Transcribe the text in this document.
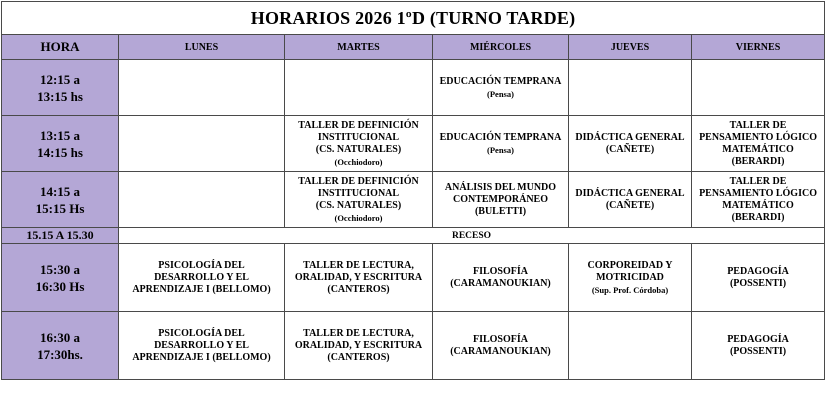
HORARIOS 2026 1ºD (TURNO TARDE)					
HORA	LUNES	MARTES	MIÉRCOLES	JUEVES	VIERNES

12:15 a
13:15 hs			EDUCACIÓN TEMPRANA
(Pensa)		

13:15 a
14:15 hs		TALLER DE DEFINICIÓN
INSTITUCIONAL
(CS. NATURALES)
(Occhiodoro)	EDUCACIÓN TEMPRANA
(Pensa)	DIDÁCTICA GENERAL
(CAÑETE)	TALLER DE
PENSAMIENTO LÓGICO
MATEMÁTICO
(BERARDI)

14:15 a
15:15 Hs		TALLER DE DEFINICIÓN
INSTITUCIONAL
(CS. NATURALES)
(Occhiodoro)	ANÁLISIS DEL MUNDO
CONTEMPORÁNEO
(BULETTI)	DIDÁCTICA GENERAL
(CAÑETE)	TALLER DE
PENSAMIENTO LÓGICO
MATEMÁTICO
(BERARDI)

15.15 A 15.30	RECESO				

15:30 a
16:30 Hs	PSICOLOGÍA DEL
DESARROLLO Y EL
APRENDIZAJE I (BELLOMO)	TALLER DE LECTURA,
ORALIDAD, Y ESCRITURA
(CANTEROS)	FILOSOFÍA
(CARAMANOUKIAN)	CORPOREIDAD Y
MOTRICIDAD
(Sup. Prof. Córdoba)	PEDAGOGÍA
(POSSENTI)

16:30 a
17:30hs.	PSICOLOGÍA DEL
DESARROLLO Y EL
APRENDIZAJE I (BELLOMO)	TALLER DE LECTURA,
ORALIDAD, Y ESCRITURA
(CANTEROS)	FILOSOFÍA
(CARAMANOUKIAN)		PEDAGOGÍA
(POSSENTI)
